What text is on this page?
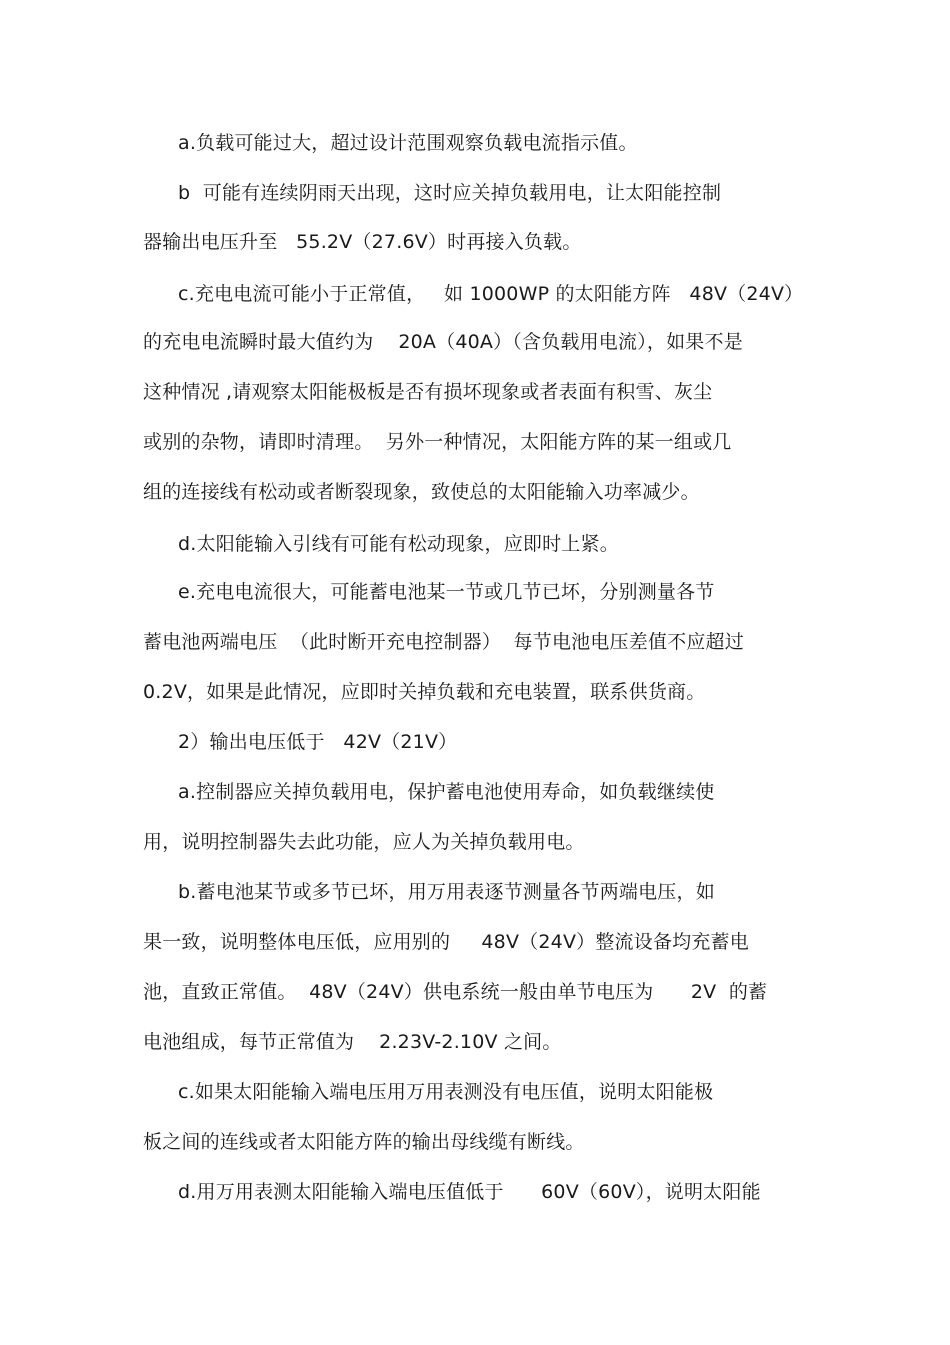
a.负载可能过大，超过设计范围观察负载电流指示值。
b  可能有连续阴雨天出现，这时应关掉负载用电，让太阳能控制
器输出电压升至   55.2V（27.6V）时再接入负载。
c.充电电流可能小于正常值，   如 1000WP 的太阳能方阵   48V（24V）
的充电电流瞬时最大值约为    20A（40A）（含负载用电流），如果不是
这种情况 ,请观察太阳能极板是否有损坏现象或者表面有积雪、灰尘
或别的杂物，请即时清理。  另外一种情况，太阳能方阵的某一组或几
组的连接线有松动或者断裂现象，致使总的太阳能输入功率减少。
d.太阳能输入引线有可能有松动现象，应即时上紧。
e.充电电流很大，可能蓄电池某一节或几节已坏，分别测量各节
蓄电池两端电压  （此时断开充电控制器）  每节电池电压差值不应超过
0.2V，如果是此情况，应即时关掉负载和充电装置，联系供货商。
2）输出电压低于   42V（21V）
a.控制器应关掉负载用电，保护蓄电池使用寿命，如负载继续使
用，说明控制器失去此功能，应人为关掉负载用电。
b.蓄电池某节或多节已坏，用万用表逐节测量各节两端电压，如
果一致，说明整体电压低，应用别的     48V（24V）整流设备均充蓄电
池，直致正常值。  48V（24V）供电系统一般由单节电压为      2V  的蓄
电池组成，每节正常值为    2.23V-2.10V 之间。
c.如果太阳能输入端电压用万用表测没有电压值，说明太阳能极
板之间的连线或者太阳能方阵的输出母线缆有断线。
d.用万用表测太阳能输入端电压值低于      60V（60V），说明太阳能
